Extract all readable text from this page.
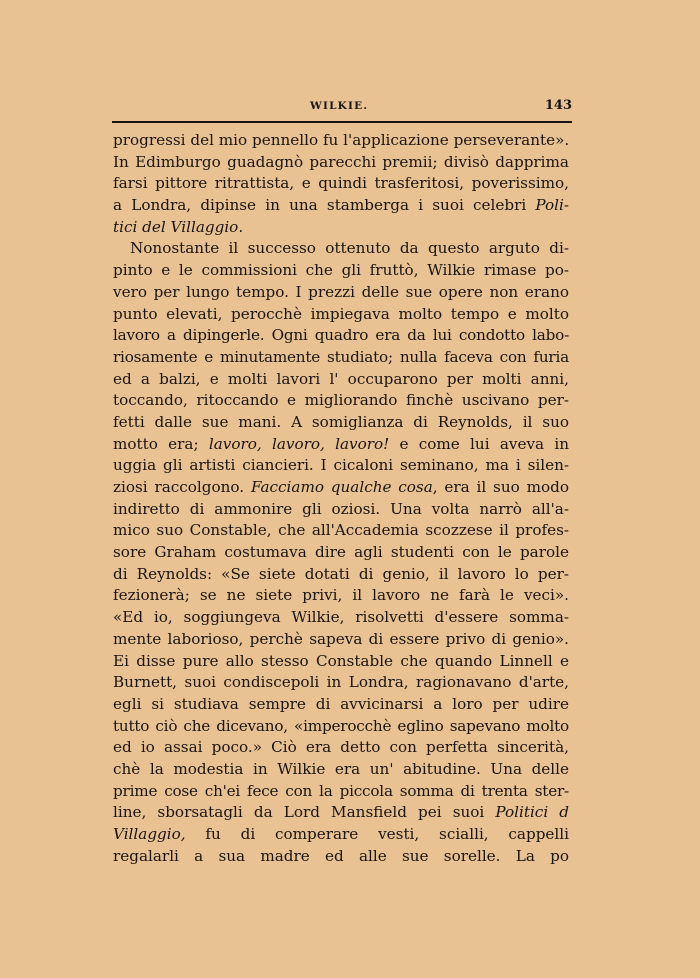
WILKIE.	143
progressi del mio pennello fu l'applicazione perseverante».
In Edimburgo guadagnò parecchi premii; divisò dapprima
farsi pittore ritrattista, e quindi trasferitosi, poverissimo,
a Londra, dipinse in una stamberga i suoi celebri Poli-
tici del Villaggio.
Nonostante il successo ottenuto da questo arguto di-
pinto e le commissioni che gli fruttò, Wilkie rimase po-
vero per lungo tempo. I prezzi delle sue opere non erano
punto elevati, perocchè impiegava molto tempo e molto
lavoro a dipingerle. Ogni quadro era da lui condotto labo-
riosamente e minutamente studiato; nulla faceva con furia
ed a balzi, e molti lavori l' occuparono per molti anni,
toccando, ritoccando e migliorando finchè uscivano per-
fetti dalle sue mani. A somiglianza di Reynolds, il suo
motto era; lavoro, lavoro, lavoro! e come lui aveva in
uggia gli artisti ciancieri. I cicaloni seminano, ma i silen-
ziosi raccolgono. Facciamo qualche cosa, era il suo modo
indiretto di ammonire gli oziosi. Una volta narrò all'a-
mico suo Constable, che all'Accademia scozzese il profes-
sore Graham costumava dire agli studenti con le parole
di Reynolds: «Se siete dotati di genio, il lavoro lo per-
fezionerà; se ne siete privi, il lavoro ne farà le veci».
«Ed io, soggiungeva Wilkie, risolvetti d'essere somma-
mente laborioso, perchè sapeva di essere privo di genio».
Ei disse pure allo stesso Constable che quando Linnell e
Burnett, suoi condiscepoli in Londra, ragionavano d'arte,
egli si studiava sempre di avvicinarsi a loro per udire
tutto ciò che dicevano, «imperocchè eglino sapevano molto
ed io assai poco.» Ciò era detto con perfetta sincerità,
chè la modestia in Wilkie era un' abitudine. Una delle
prime cose ch'ei fece con la piccola somma di trenta ster-
line, sborsatagli da Lord Mansfield pei suoi Politici d
Villaggio, fu di comperare vesti, scialli, cappelli
regalarli a sua madre ed alle sue sorelle. La po
